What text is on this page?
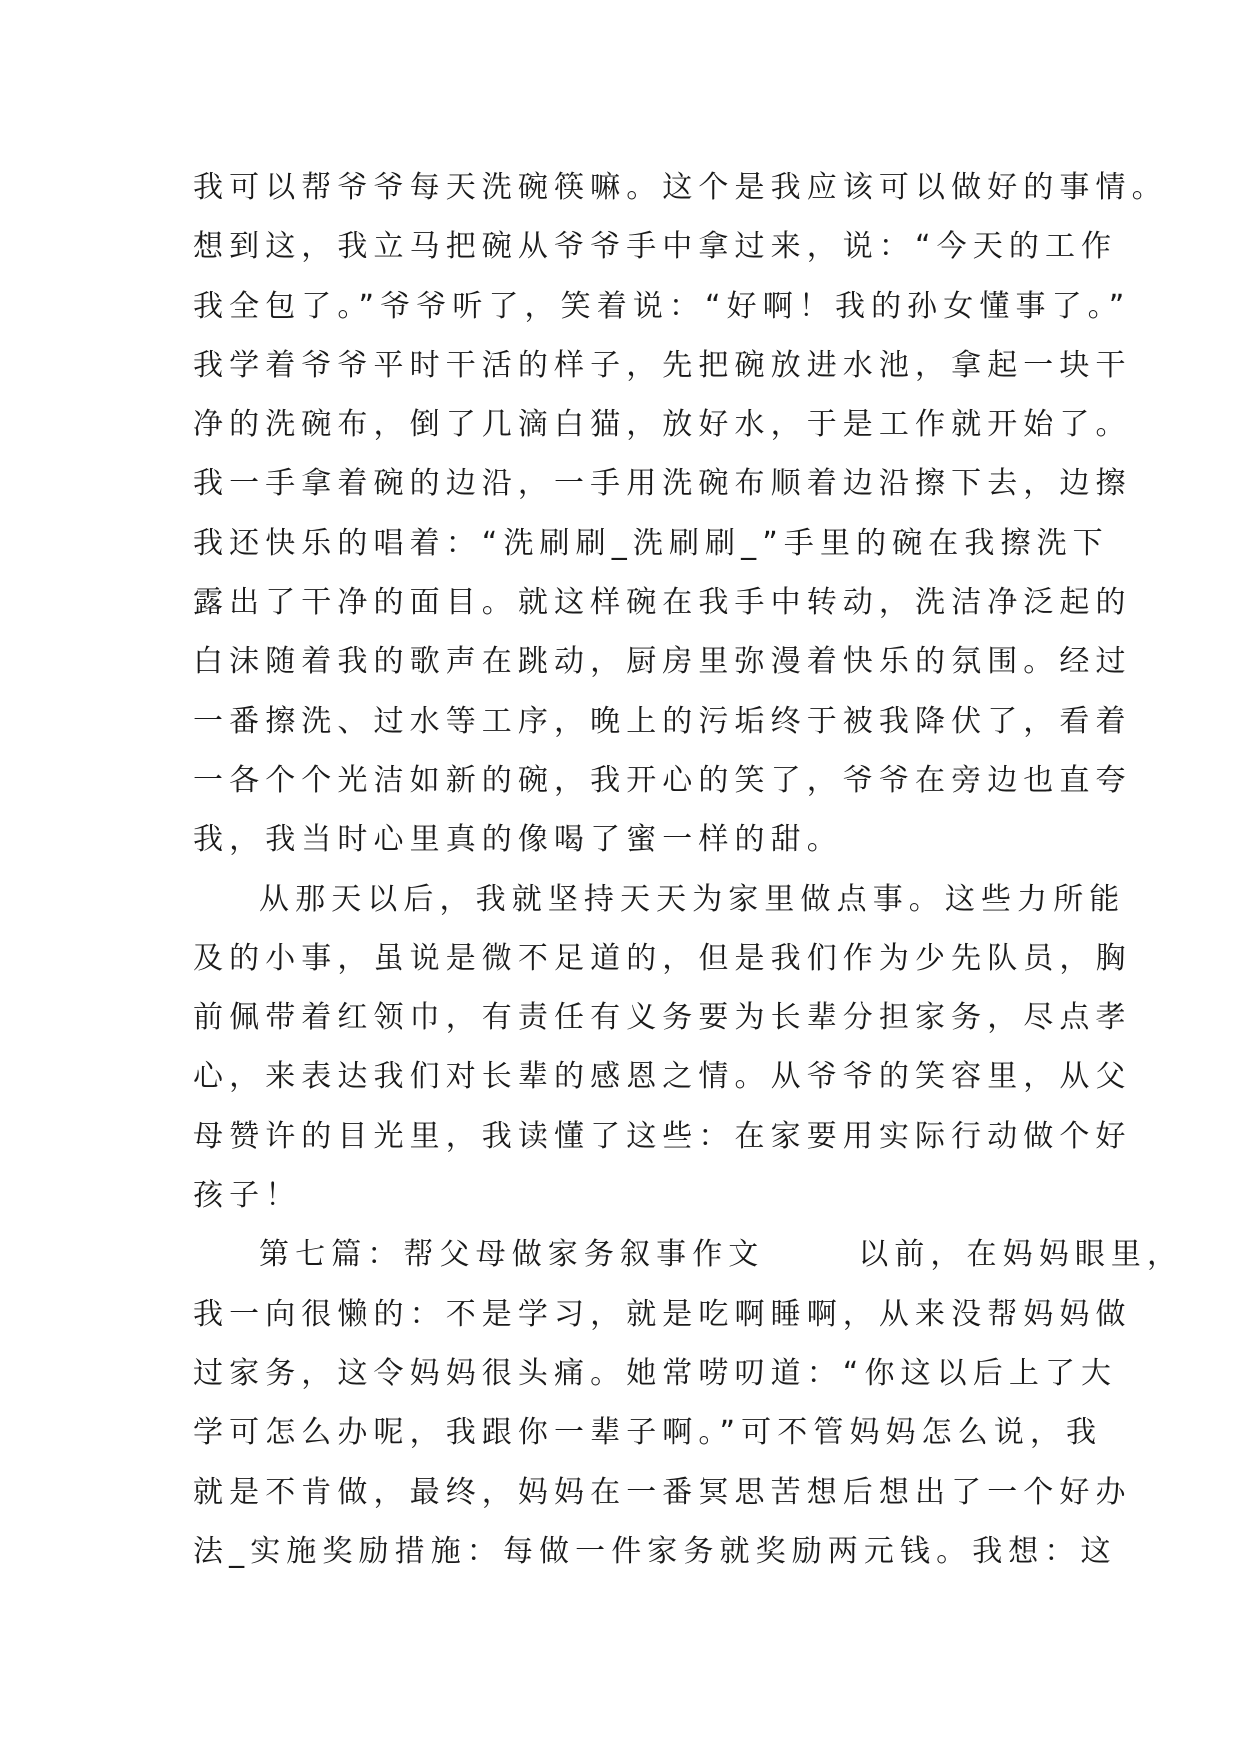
我可以帮爷爷每天洗碗筷嘛。这个是我应该可以做好的事情。
想到这，我立马把碗从爷爷手中拿过来，说：“今天的工作
我全包了。”爷爷听了，笑着说：“好啊！我的孙女懂事了。”
我学着爷爷平时干活的样子，先把碗放进水池，拿起一块干
净的洗碗布，倒了几滴白猫，放好水，于是工作就开始了。
我一手拿着碗的边沿，一手用洗碗布顺着边沿擦下去，边擦
我还快乐的唱着：“洗刷刷_洗刷刷_”手里的碗在我擦洗下
露出了干净的面目。就这样碗在我手中转动，洗洁净泛起的
白沫随着我的歌声在跳动，厨房里弥漫着快乐的氛围。经过
一番擦洗、过水等工序，晚上的污垢终于被我降伏了，看着
一各个个光洁如新的碗，我开心的笑了，爷爷在旁边也直夸
我，我当时心里真的像喝了蜜一样的甜。
从那天以后，我就坚持天天为家里做点事。这些力所能
及的小事，虽说是微不足道的，但是我们作为少先队员，胸
前佩带着红领巾，有责任有义务要为长辈分担家务，尽点孝
心，来表达我们对长辈的感恩之情。从爷爷的笑容里，从父
母赞许的目光里，我读懂了这些：在家要用实际行动做个好
孩子！
第七篇：帮父母做家务叙事作文      以前，在妈妈眼里，
我一向很懒的：不是学习，就是吃啊睡啊，从来没帮妈妈做
过家务，这令妈妈很头痛。她常唠叨道：“你这以后上了大
学可怎么办呢，我跟你一辈子啊。”可不管妈妈怎么说，我
就是不肯做，最终，妈妈在一番冥思苦想后想出了一个好办
法_实施奖励措施：每做一件家务就奖励两元钱。我想：这
